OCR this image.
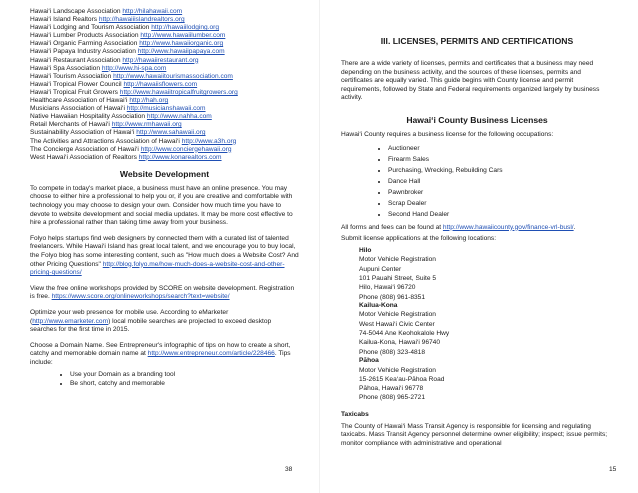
Hawai‘i Landscape Association http://hilahawaii.com
Hawai‘i Island Realtors http://hawaiiislandrealtors.org
Hawai‘i Lodging and Tourism Association http://hawaiilodging.org
Hawai‘i Lumber Products Association http://www.hawaiilumber.com
Hawai‘i Organic Farming Association http://www.hawaiiorganic.org
Hawai‘i Papaya Industry Association http://www.hawaiipapaya.com
Hawai‘i Restaurant Association http://hawaiirestaurant.org
Hawai‘i Spa Association http://www.hi-spa.com
Hawai‘i Tourism Association http://www.hawaiitourismassociation.com
Hawai‘i Tropical Flower Council http://hawaiisflowers.com
Hawai‘i Tropical Fruit Growers http://www.hawaiitropicalfruitgrowers.org
Healthcare Association of Hawai‘i http://hah.org
Musicians Association of Hawai‘i http://musicianshawaii.com
Native Hawaiian Hospitality Association http://www.nahha.com
Retail Merchants of Hawai‘i http://www.rmhawaii.org
Sustainability Association of Hawai‘i http://www.sahawaii.org
The Activities and Attractions Association of Hawai‘i http://www.a3h.org
The Concierge Association of Hawai‘i http://www.conciergehawaii.org
West Hawai‘i Association of Realtors http://www.konarealtors.com
Website Development

To compete in today's market place, a business must have an online presence. You may choose to either hire a professional to help you or, if you are creative and comfortable with technology you may choose to design your own. Consider how much time you have to devote to website development and social media updates. It may be more cost effective to hire a professional rather than taking time away from your business.

Folyo helps startups find web designers by connected them with a curated list of talented freelancers. While Hawai‘i Island has great local talent, and we encourage you to buy local, the Folyo blog has some interesting content, such as "How much does a Website Cost? And other Pricing Questions" http://blog.folyo.me/how-much-does-a-website-cost-and-other-pricing-questions/

View the free online workshops provided by SCORE on website development. Registration is free. https://www.score.org/onlineworkshops/search?text=website/

Optimize your web presence for mobile use. According to eMarketer (http://www.emarketer.com) local mobile searches are projected to exceed desktop searches for the first time in 2015.

Choose a Domain Name. See Entrepreneur's infographic of tips on how to create a short, catchy and memorable domain name at http://www.entrepreneur.com/article/228466. Tips include:

• Use your Domain as a branding tool
• Be short, catchy and memorable
38
III. LICENSES, PERMITS AND CERTIFICATIONS

There are a wide variety of licenses, permits and certificates that a business may need depending on the business activity, and the sources of these licenses, permits and certificates are equally varied. This guide begins with County license and permit requirements, followed by State and Federal requirements organized largely by business activity.

Hawai‘i County Business Licenses

Hawai‘i County requires a business license for the following occupations:

• Auctioneer
• Firearm Sales
• Purchasing, Wrecking, Rebuilding Cars
• Dance Hall
• Pawnbroker
• Scrap Dealer
• Second Hand Dealer

All forms and fees can be found at http://www.hawaiicounty.gov/finance-vrl-busl/.

Submit license applications at the following locations:

Hilo
Motor Vehicle Registration
Aupuni Center
101 Pauahi Street, Suite 5
Hilo, Hawai‘i 96720
Phone (808) 961-8351
Kailua-Kona
Motor Vehicle Registration
West Hawai‘i Civic Center
74-5044 Ane Keohokalole Hwy
Kailua-Kona, Hawai‘i 96740
Phone (808) 323-4818
Pāhoa
Motor Vehicle Registration
15-2615 Kea‘au-Pāhoa Road
Pāhoa, Hawai‘i 96778
Phone (808) 965-2721
Taxicabs

The County of Hawai‘i Mass Transit Agency is responsible for licensing and regulating taxicabs. Mass Transit Agency personnel determine owner eligibility; inspect; issue permits; monitor compliance with administrative and operational

15
